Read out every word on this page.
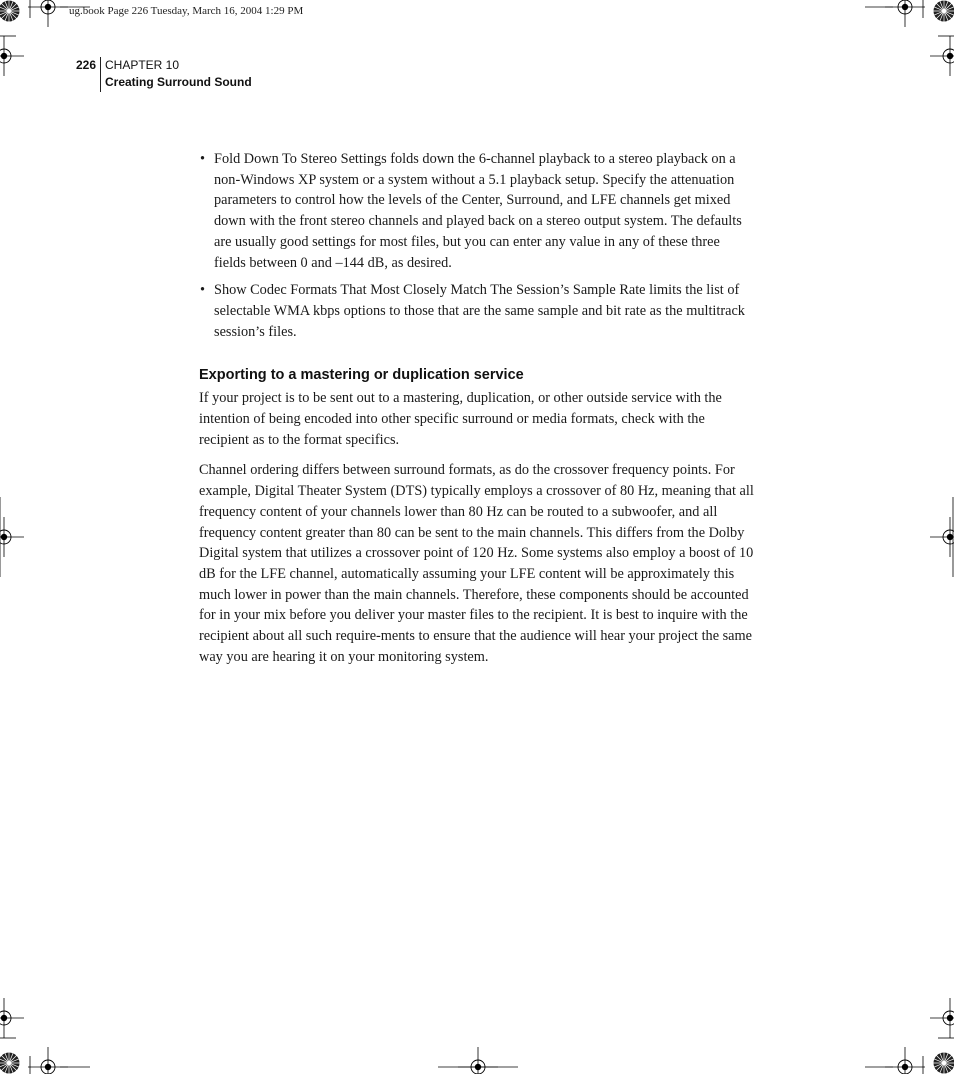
ug.book Page 226 Tuesday, March 16, 2004 1:29 PM
226 CHAPTER 10
Creating Surround Sound
• Fold Down To Stereo Settings folds down the 6-channel playback to a stereo playback on a non-Windows XP system or a system without a 5.1 playback setup. Specify the attenuation parameters to control how the levels of the Center, Surround, and LFE channels get mixed down with the front stereo channels and played back on a stereo output system. The defaults are usually good settings for most files, but you can enter any value in any of these three fields between 0 and –144 dB, as desired.
• Show Codec Formats That Most Closely Match The Session’s Sample Rate limits the list of selectable WMA kbps options to those that are the same sample and bit rate as the multitrack session’s files.
Exporting to a mastering or duplication service

If your project is to be sent out to a mastering, duplication, or other outside service with the intention of being encoded into other specific surround or media formats, check with the recipient as to the format specifics.

Channel ordering differs between surround formats, as do the crossover frequency points. For example, Digital Theater System (DTS) typically employs a crossover of 80 Hz, meaning that all frequency content of your channels lower than 80 Hz can be routed to a subwoofer, and all frequency content greater than 80 can be sent to the main channels. This differs from the Dolby Digital system that utilizes a crossover point of 120 Hz. Some systems also employ a boost of 10 dB for the LFE channel, automatically assuming your LFE content will be approximately this much lower in power than the main channels. Therefore, these components should be accounted for in your mix before you deliver your master files to the recipient. It is best to inquire with the recipient about all such require-ments to ensure that the audience will hear your project the same way you are hearing it on your monitoring system.
